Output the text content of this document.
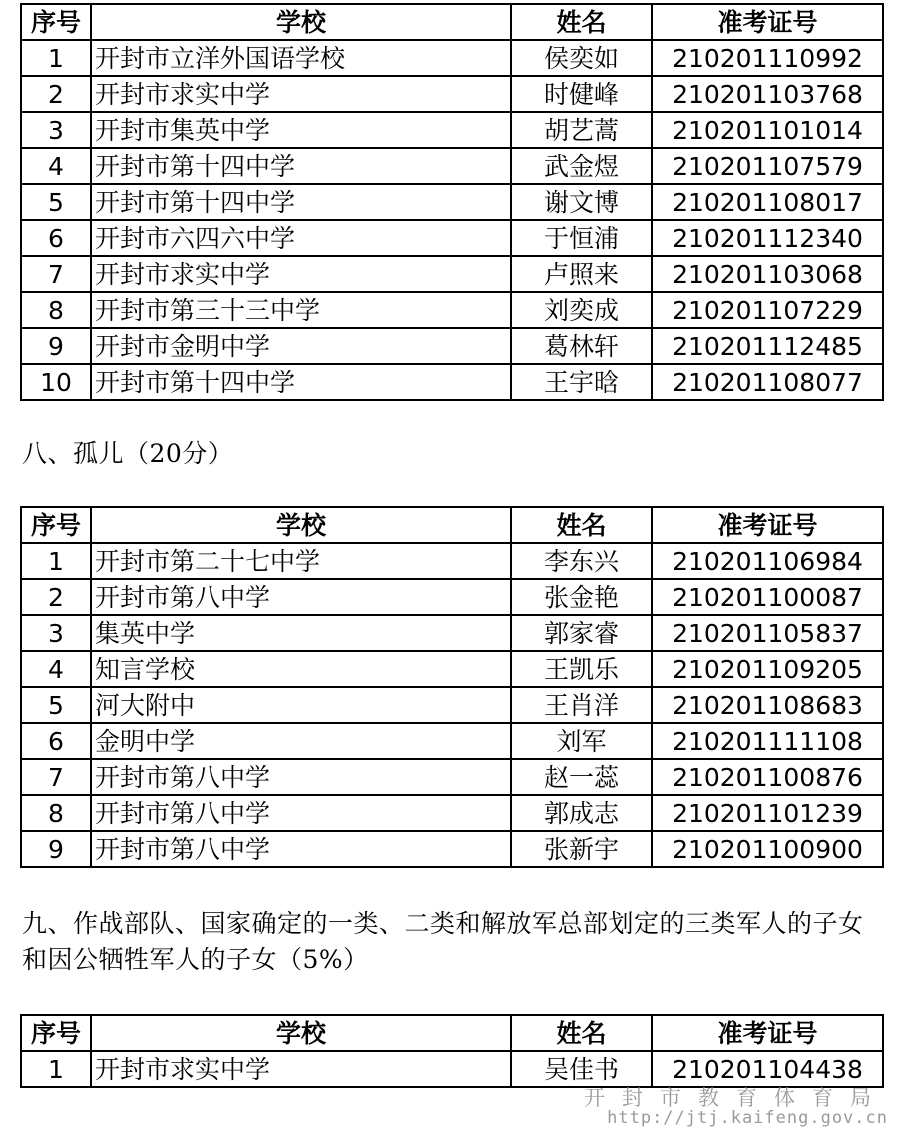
序号	学校	姓名	准考证号
1	开封市立洋外国语学校	侯奕如	210201110992
2	开封市求实中学	时健峰	210201103768
3	开封市集英中学	胡艺蒿	210201101014
4	开封市第十四中学	武金煜	210201107579
5	开封市第十四中学	谢文博	210201108017
6	开封市六四六中学	于恒浦	210201112340
7	开封市求实中学	卢照来	210201103068
8	开封市第三十三中学	刘奕成	210201107229
9	开封市金明中学	葛林轩	210201112485
10	开封市第十四中学	王宇晗	210201108077
八、孤儿（20分）
序号	学校	姓名	准考证号
1	开封市第二十七中学	李东兴	210201106984
2	开封市第八中学	张金艳	210201100087
3	集英中学	郭家睿	210201105837
4	知言学校	王凯乐	210201109205
5	河大附中	王肖洋	210201108683
6	金明中学	刘军	210201111108
7	开封市第八中学	赵一蕊	210201100876
8	开封市第八中学	郭成志	210201101239
9	开封市第八中学	张新宇	210201100900
九、作战部队、国家确定的一类、二类和解放军总部划定的三类军人的子女和因公牺牲军人的子女（5%）
序号	学校	姓名	准考证号
1	开封市求实中学	吴佳书	210201104438
开封市教育体育局
http://jtj.kaifeng.gov.cn
